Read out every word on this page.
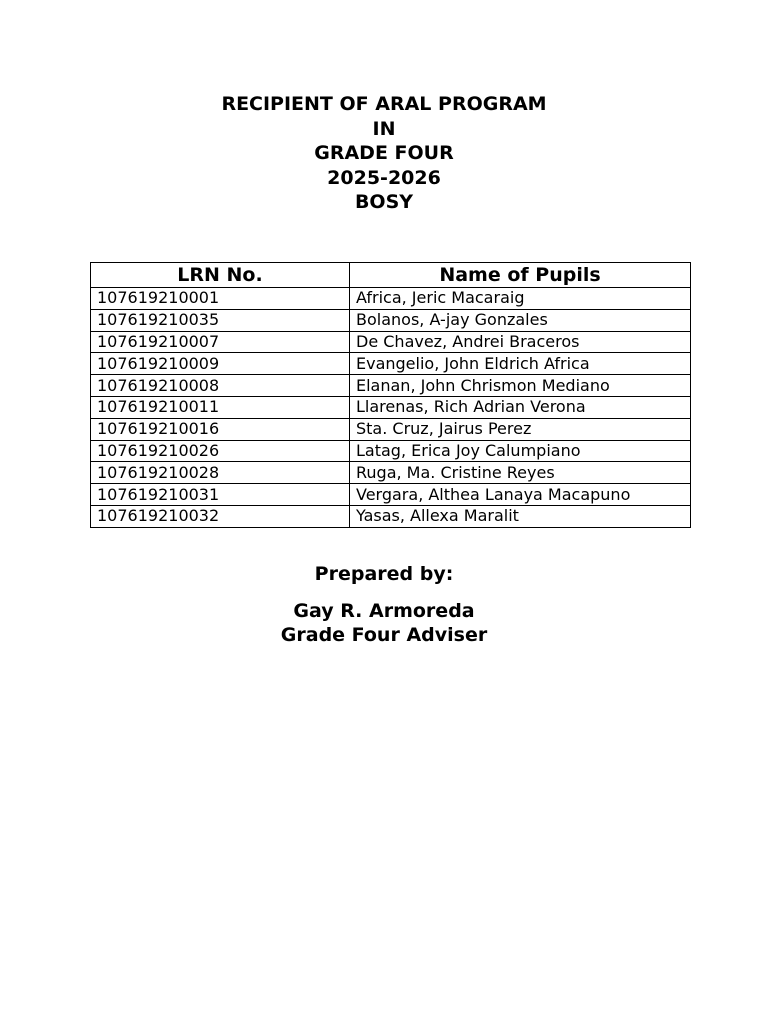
RECIPIENT OF ARAL PROGRAM
IN
GRADE FOUR
2025-2026
BOSY
LRN No.	Name of Pupils
107619210001	Africa, Jeric Macaraig
107619210035	Bolanos, A-jay Gonzales
107619210007	De Chavez, Andrei Braceros
107619210009	Evangelio, John Eldrich Africa
107619210008	Elanan, John Chrismon Mediano
107619210011	Llarenas, Rich Adrian Verona
107619210016	Sta. Cruz, Jairus Perez
107619210026	Latag, Erica Joy Calumpiano
107619210028	Ruga, Ma. Cristine Reyes
107619210031	Vergara, Althea Lanaya Macapuno
107619210032	Yasas, Allexa Maralit
Prepared by:
Gay R. Armoreda
Grade Four Adviser
